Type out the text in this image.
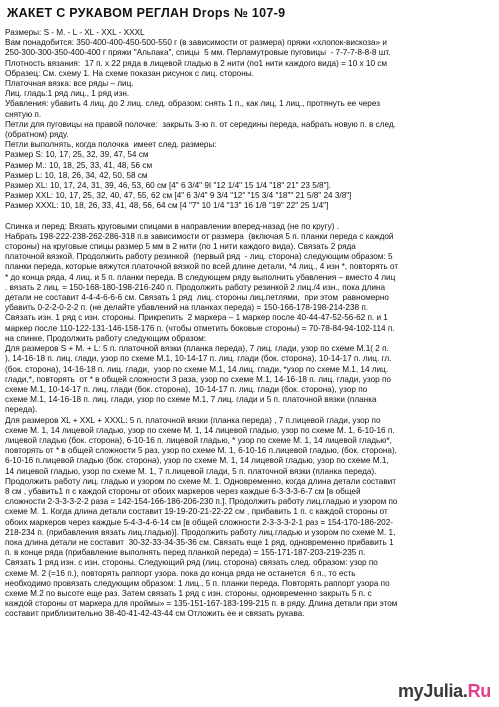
ЖАКЕТ С РУКАВОМ РЕГЛАН Drops № 107-9

Размеры: S - M. - L - XL - XXL - XXXL

Вам понадобится: 350-400-400-450-500-550 г (в зависимости от размера) пряжи «хлопок-вискоза» и

250-300-300-350-400-400 г пряжи "Альпака", спицы  5 мм. Перламутровые пуговицы  - 7-7-7-8-8-8 шт.

Плотность вязания:  17 п. х 22 ряда в лицевой гладью в 2 нити (по1 нити каждого вида) = 10 х 10 см

Образец: См. схему 1. На схеме показан рисунок с лиц. стороны.

Платочная вязка: все ряды – лиц.

Лиц. гладь:1 ряд лиц., 1 ряд изн.

Убавления: убавить 4 лиц. до 2 лиц. след. образом: снять 1 п., как лиц, 1 лиц., протянуть ее через

снятую п.

Петли для пуговицы на правой полочке:  закрыть 3-ю п. от середины переда, набрать новую п. в след.

(обратном) ряду.

Петли выполнять, когда полочка  имеет след. размеры:

Размер S: 10, 17, 25, 32, 39, 47, 54 см

Размер M.: 10, 18, 25, 33, 41, 48, 56 см

Размер L: 10, 18, 26, 34, 42, 50, 58 см

Размер XL: 10, 17, 24, 31, 39, 46, 53, 60 см [4" 6 3/4" 9I "12 1/4" 15 1/4 "18" 21" 23 5/8"].

Размер XXL: 10, 17, 25, 32, 40, 47, 55, 62 см [4" 6 3/4" 9 3/4 "12" "15 3/4 "18"" 21 5/8" 24 3/8"]

Размер XXXL: 10, 18, 26, 33, 41, 48, 56, 64 см [4 "7" 10 1/4 "13" 16 1/8 "19" 22" 25 1/4"]

Спинка и перед: Вязать круговыми спицами в направлении вперед-назад (не по кругу) .

Набрать 198-222-238-262-286-318 п.в зависимости от размера  (включая 5 п. планки переда с каждой

стороны) на круговые спицы размер 5 мм в 2 нити (по 1 нити каждого вида). Связать 2 ряда

платочной вязкой. Продолжить работу резинкой  (первый ряд  - лиц. сторона) следующим образом: 5

планки переда, которые вяжутся платочной вязкой по всей длине детали, *4 лиц., 4 изн *, повторять от

* до конца ряда, 4 лиц. и 5 п. планки переда. В следующем ряду выполнить убавления – вместо 4 лиц

. вязать 2 лиц. = 150-168-180-198-216-240 п. Продолжить работу резинкой 2 лиц./4 изн., пока длина

детали не составит 4-4-4-6-6-6 см. Связать 1 ряд  лиц. стороны лиц.петлями,  при этом  равномерно

убавить 0-2-2-0-2-2 п. (не делайте убавлений на планках переда) = 150-166-178-198-214-238 п.

Связать изн. 1 ряд с изн. стороны. Прикрепить  2 маркера – 1 маркер после 40-44-47-52-56-62 п. и 1

маркер после 110-122-131-146-158-176 п. (чтобы отметить боковые стороны) = 70-78-84-94-102-114 п.

на спинке. Продолжить работу следующим образом:

Для размеров S + M. + L: 5 п. платочной вязки (планка переда), 7 лиц. глади, узор по схеме М.1( 2 п.

), 14-16-18 п. лиц. глади, узор по схеме М.1, 10-14-17 п. лиц. глади (бок. сторона), 10-14-17 п. лиц. гл.

(бок. сторона), 14-16-18 п. лиц. глади,  узор по схеме М.1, 14 лиц. глади, *узор по схеме М.1, 14 лиц.

глади,*, повторять  от * в общей сложности 3 раза, узор по схеме М.1, 14-16-18 п. лиц. глади, узор по

схеме М.1, 10-14-17 п. лиц. глади (бок. сторона),  10-14-17 п. лиц. глади (бок. сторона), узор по

схеме М.1, 14-16-18 п. лиц. глади, узор по схеме М.1, 7 лиц. глади и 5 п. платочной вязки (планка

переда).

Для размеров XL + XXL + XXXL: 5 п. платочной вязки (планка переда) , 7 п.лицевой глади, узор по

схеме М. 1, 14 лицевой гладью, узор по схеме М. 1, 14 лицевой гладью, узор по схеме М. 1, 6-10-16 п.

лицевой гладью (бок. сторона), 6-10-16 п. лицевой гладью, * узор по схеме М. 1, 14 лицевой гладью*,

повторять от * в общей сложности 5 раз, узор по схеме М. 1, 6-10-16 п.лицевой гладью, (бок. сторона),

6-10-16 п.лицевой гладью (бок. сторона), узор по схеме М. 1, 14 лицевой гладью, узор по схеме М.1,

14 лицевой гладью, узор по схеме М. 1, 7 п.лицевой глади, 5 п. платочной вязки (планка переда).

Продолжить работу лиц. гладью и узором по схеме М. 1. Одновременно, когда длина детали составит

8 см , убавить1 п с каждой стороны от обоих маркеров через каждые 6-3-3-3-6-7 см [в общей

сложности 2-3-3-3-2-2 раза = 142-154-166-186-206-230 п.]. Продолжить работу лиц.гладью и узором по

схеме М. 1. Когда длина детали составит 19-19-20-21-22-22 см , прибавить 1 п. с каждой стороны от

обоих маркеров через каждые 5-4-3-4-6-14 см [в общей сложности 2-3-3-3-2-1 раз = 154-170-186-202-

218-234 п. (прибавления вязать лиц.гладью)]. Продолжить работу лиц.гладью и узором по схеме М. 1,

пока длина детали не составит  30-32-33-34-35-36 см. Связать еще 1 ряд, одновременно прибавить 1

п. в конце ряда (прибавление выполнять перед планкой переда) = 155-171-187-203-219-235 п.

Связать 1 ряд изн. с изн. стороны. Следующий ряд (лиц. сторона) связать след. образом: узор по

схеме М. 2 (=16 п.), повторять раппорт узора. пока до конца ряда не останется  6 п., то есть

необходимо провязать следующим образом: 1 лиц., 5 п. планки переда. Повторять раппорт узора по

схеме М.2 по высоте еще раз. Затем связать 1 ряд с изн. стороны, одновременно закрыть 5 п. с

каждой стороны от маркера для проймы» = 135-151-167-183-199-215 п. в ряду. Длина детали при этом

составит приблизительно 38-40-41-42-43-44 см Отложить ее и связать рукава.

myJulia.Ru
